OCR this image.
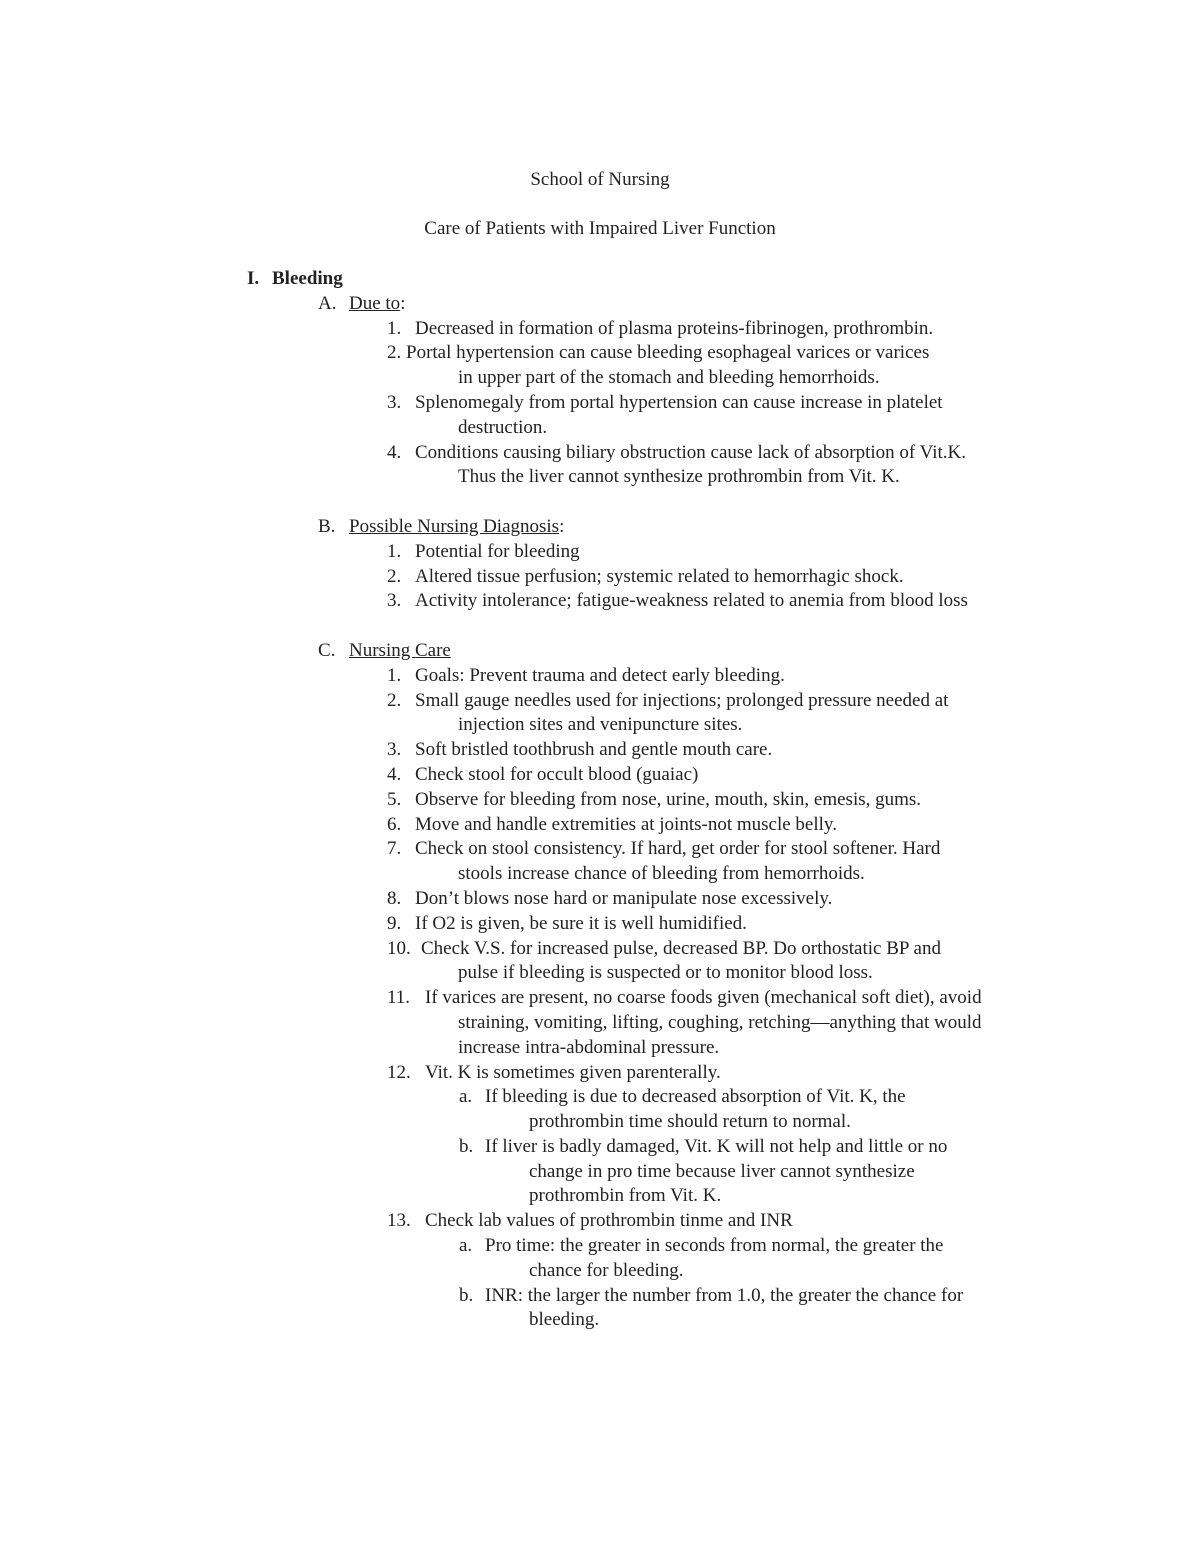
School of Nursing
Care of Patients with Impaired Liver Function
I. Bleeding
A. Due to:
1. Decreased in formation of plasma proteins-fibrinogen, prothrombin.
2. Portal hypertension can cause bleeding esophageal varices or varices
in upper part of the stomach and bleeding hemorrhoids.
3. Splenomegaly from portal hypertension can cause increase in platelet
destruction.
4. Conditions causing biliary obstruction cause lack of absorption of Vit.K.
Thus the liver cannot synthesize prothrombin from Vit. K.
B. Possible Nursing Diagnosis:
1. Potential for bleeding
2. Altered tissue perfusion; systemic related to hemorrhagic shock.
3. Activity intolerance; fatigue-weakness related to anemia from blood loss
C. Nursing Care
1. Goals: Prevent trauma and detect early bleeding.
2. Small gauge needles used for injections; prolonged pressure needed at
injection sites and venipuncture sites.
3. Soft bristled toothbrush and gentle mouth care.
4. Check stool for occult blood (guaiac)
5. Observe for bleeding from nose, urine, mouth, skin, emesis, gums.
6. Move and handle extremities at joints-not muscle belly.
7. Check on stool consistency. If hard, get order for stool softener. Hard
stools increase chance of bleeding from hemorrhoids.
8. Don’t blows nose hard or manipulate nose excessively.
9. If O2 is given, be sure it is well humidified.
10. Check V.S. for increased pulse, decreased BP. Do orthostatic BP and
pulse if bleeding is suspected or to monitor blood loss.
11. If varices are present, no coarse foods given (mechanical soft diet), avoid
straining, vomiting, lifting, coughing, retching—anything that would
increase intra-abdominal pressure.
12. Vit. K is sometimes given parenterally.
a. If bleeding is due to decreased absorption of Vit. K, the
prothrombin time should return to normal.
b. If liver is badly damaged, Vit. K will not help and little or no
change in pro time because liver cannot synthesize
prothrombin from Vit. K.
13. Check lab values of prothrombin tinme and INR
a. Pro time: the greater in seconds from normal, the greater the
chance for bleeding.
b. INR: the larger the number from 1.0, the greater the chance for
bleeding.
